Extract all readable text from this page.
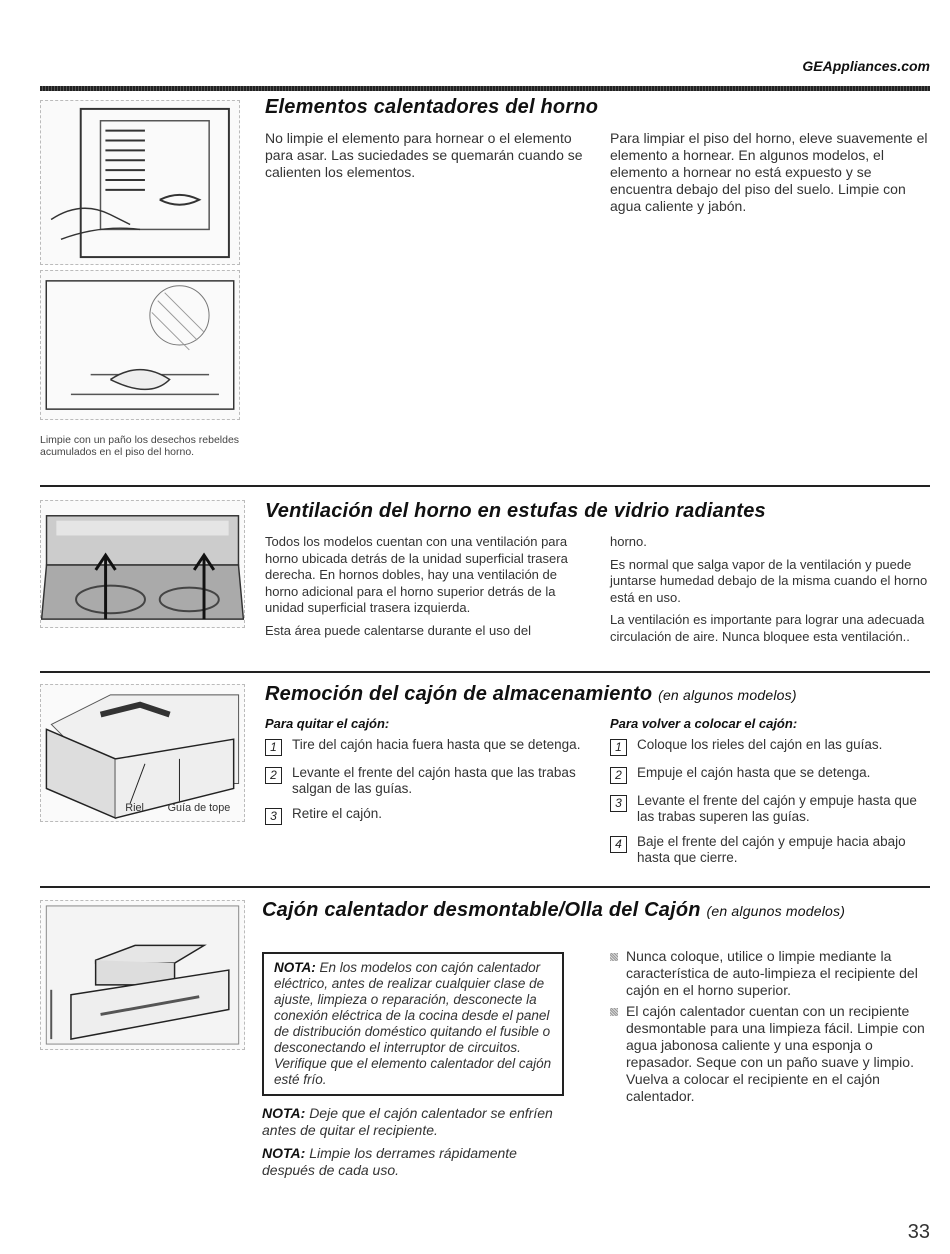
GEAppliances.com
Limpie con un paño los desechos rebeldes acumulados en el piso del horno.
Elementos calentadores del horno
No limpie el elemento para hornear o el elemento para asar. Las suciedades se quemarán cuando se calienten los elementos.
Para limpiar el piso del horno, eleve suavemente el elemento a hornear. En algunos modelos, el elemento a hornear no está expuesto y se encuentra debajo del piso del suelo. Limpie con agua caliente y jabón.
Ventilación del horno en estufas de vidrio radiantes

Todos los modelos cuentan con una ventilación para horno ubicada detrás de la unidad superficial trasera derecha. En hornos dobles, hay una ventilación de horno adicional para el horno superior detrás de la unidad superficial trasera izquierda.

Esta área puede calentarse durante el uso del

horno.

Es normal que salga vapor de la ventilación y puede juntarse humedad debajo de la misma cuando el horno está en uso.

La ventilación es importante para lograr una adecuada circulación de aire. Nunca bloquee esta ventilación..

Riel Guía de tope
Remoción del cajón de almacenamiento (en algunos modelos)
Para quitar el cajón:
1	Tire del cajón hacia fuera hasta que se detenga.
2	Levante el frente del cajón hasta que las trabas salgan de las guías.
3	Retire el cajón.
Para volver a colocar el cajón:
1	Coloque los rieles del cajón en las guías.
2	Empuje el cajón hasta que se detenga.
3	Levante el frente del cajón y empuje hasta que las trabas superen las guías.
4	Baje el frente del cajón y empuje hacia abajo hasta que cierre.
Cajón calentador desmontable/Olla del Cajón (en algunos modelos)
NOTA: En los modelos con cajón calentador eléctrico, antes de realizar cualquier clase de ajuste, limpieza o reparación, desconecte la conexión eléctrica de la cocina desde el panel de distribución doméstico quitando el fusible o desconectando el interruptor de circuitos. Verifique que el elemento calentador del cajón esté frío.
NOTA: Deje que el cajón calentador se enfríen antes de quitar el recipiente.
NOTA: Limpie los derrames rápidamente después de cada uso.
Nunca coloque, utilice o limpie mediante la característica de auto-limpieza el recipiente del cajón en el horno superior.
El cajón calentador cuentan con un recipiente desmontable para una limpieza fácil. Limpie con agua jabonosa caliente y una esponja o repasador. Seque con un paño suave y limpio. Vuelva a colocar el recipiente en el cajón calentador.
33
